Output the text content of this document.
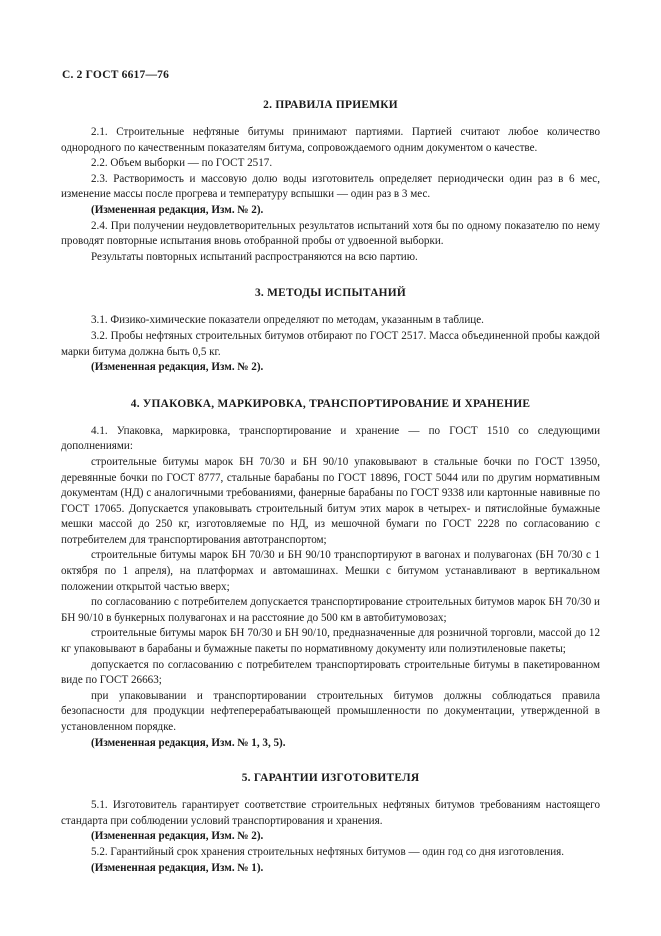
С. 2 ГОСТ 6617—76
2. ПРАВИЛА ПРИЕМКИ

2.1. Строительные нефтяные битумы принимают партиями. Партией считают любое количество однородного по качественным показателям битума, сопровождаемого одним документом о качестве.

2.2. Объем выборки — по ГОСТ 2517.

2.3. Растворимость и массовую долю воды изготовитель определяет периодически один раз в 6 мес, изменение массы после прогрева и температуру вспышки — один раз в 3 мес.

(Измененная редакция, Изм. № 2).

2.4. При получении неудовлетворительных результатов испытаний хотя бы по одному показателю по нему проводят повторные испытания вновь отобранной пробы от удвоенной выборки.

Результаты повторных испытаний распространяются на всю партию.

3. МЕТОДЫ ИСПЫТАНИЙ

3.1. Физико-химические показатели определяют по методам, указанным в таблице.

3.2. Пробы нефтяных строительных битумов отбирают по ГОСТ 2517. Масса объединенной пробы каждой марки битума должна быть 0,5 кг.

(Измененная редакция, Изм. № 2).

4. УПАКОВКА, МАРКИРОВКА, ТРАНСПОРТИРОВАНИЕ И ХРАНЕНИЕ

4.1. Упаковка, маркировка, транспортирование и хранение — по ГОСТ 1510 со следующими дополнениями:

строительные битумы марок БН 70/30 и БН 90/10 упаковывают в стальные бочки по ГОСТ 13950, деревянные бочки по ГОСТ 8777, стальные барабаны по ГОСТ 18896, ГОСТ 5044 или по другим нормативным документам (НД) с аналогичными требованиями, фанерные барабаны по ГОСТ 9338 или картонные навивные по ГОСТ 17065. Допускается упаковывать строительный битум этих марок в четырех- и пятислойные бумажные мешки массой до 250 кг, изготовляемые по НД, из мешочной бумаги по ГОСТ 2228 по согласованию с потребителем для транспортирования автотранспортом;

строительные битумы марок БН 70/30 и БН 90/10 транспортируют в вагонах и полувагонах (БН 70/30 с 1 октября по 1 апреля), на платформах и автомашинах. Мешки с битумом устанавливают в вертикальном положении открытой частью вверх;

по согласованию с потребителем допускается транспортирование строительных битумов марок БН 70/30 и БН 90/10 в бункерных полувагонах и на расстояние до 500 км в автобитумовозах;

строительные битумы марок БН 70/30 и БН 90/10, предназначенные для розничной торговли, массой до 12 кг упаковывают в барабаны и бумажные пакеты по нормативному документу или полиэтиленовые пакеты;

допускается по согласованию с потребителем транспортировать строительные битумы в пакетированном виде по ГОСТ 26663;

при упаковывании и транспортировании строительных битумов должны соблюдаться правила безопасности для продукции нефтеперерабатывающей промышленности по документации, утвержденной в установленном порядке.

(Измененная редакция, Изм. № 1, 3, 5).

5. ГАРАНТИИ ИЗГОТОВИТЕЛЯ

5.1. Изготовитель гарантирует соответствие строительных нефтяных битумов требованиям настоящего стандарта при соблюдении условий транспортирования и хранения.

(Измененная редакция, Изм. № 2).

5.2. Гарантийный срок хранения строительных нефтяных битумов — один год со дня изготовления.

(Измененная редакция, Изм. № 1).
